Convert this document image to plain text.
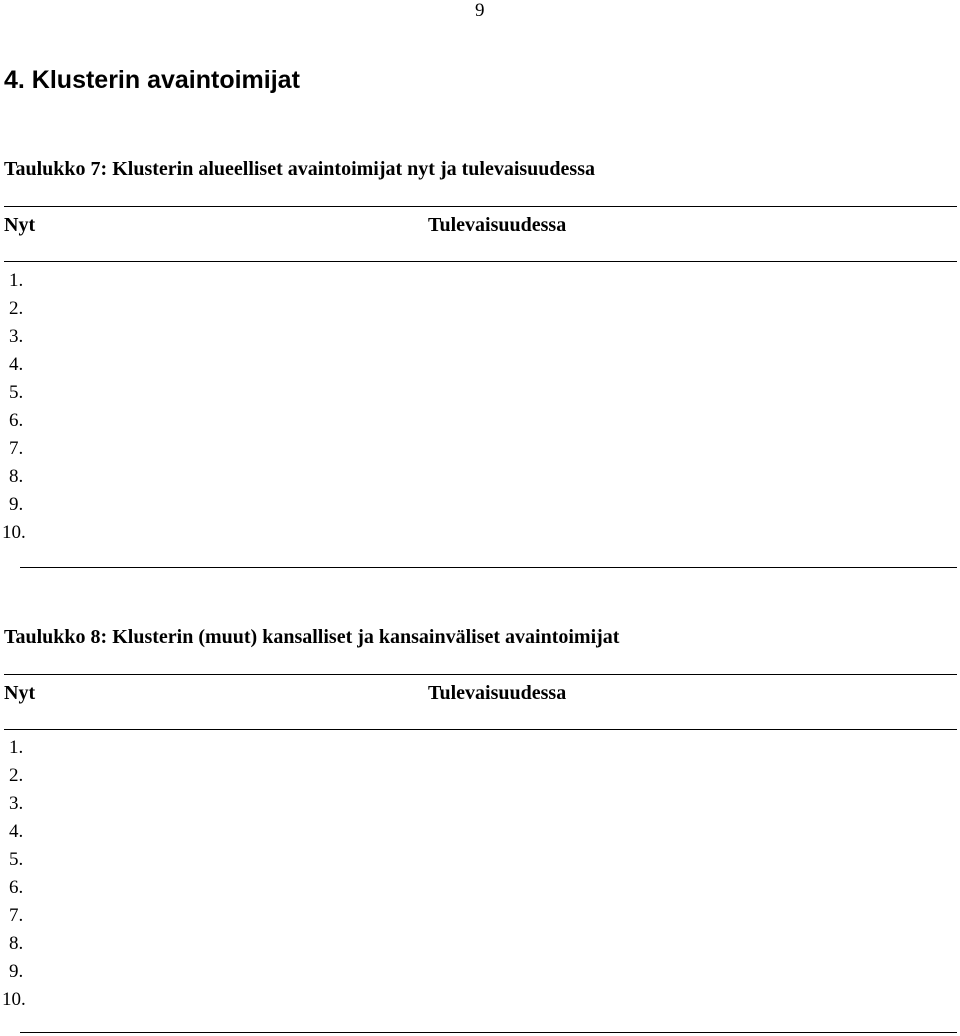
9
4. Klusterin avaintoimijat

Taulukko 7: Klusterin alueelliset avaintoimijat nyt ja tulevaisuudessa

Nyt	Tulevaisuudessa
1.
2.
3.
4.
5.
6.
7.
8.
9.
10.

Taulukko 8: Klusterin (muut) kansalliset ja kansainväliset avaintoimijat

Nyt	Tulevaisuudessa
1.
2.
3.
4.
5.
6.
7.
8.
9.
10.
